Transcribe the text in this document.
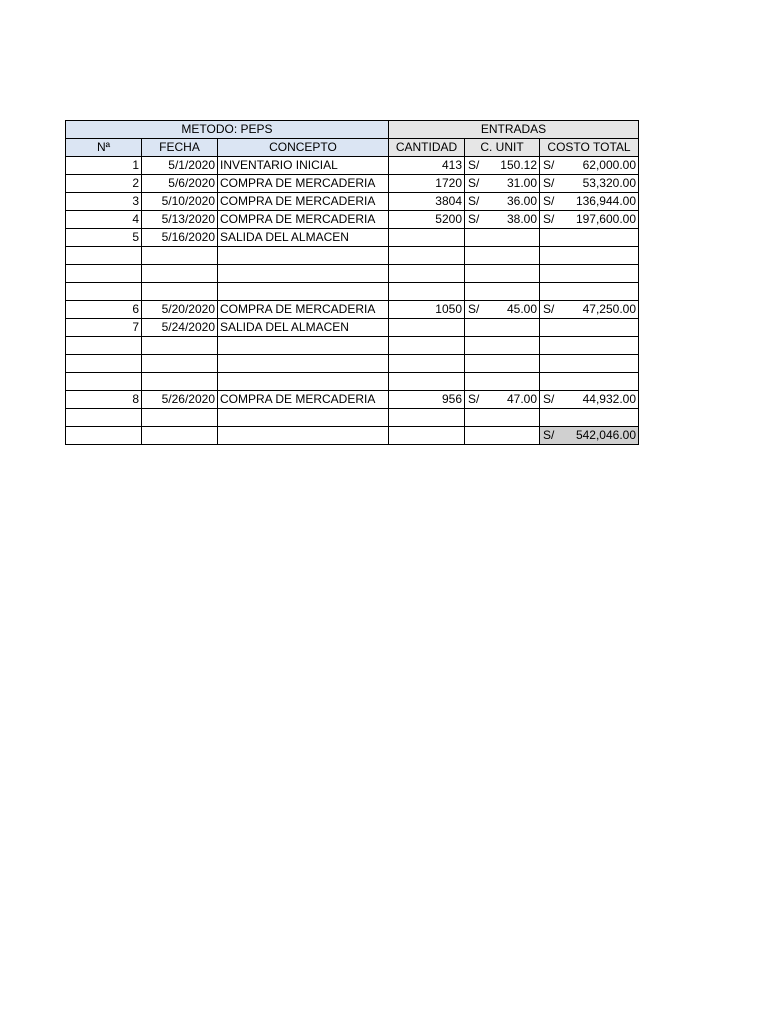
METODO: PEPS			ENTRADAS		
Nª	FECHA	CONCEPTO	CANTIDAD	C. UNIT	COSTO TOTAL
1	5/1/2020	INVENTARIO INICIAL	413	S/ 150.12	S/ 62,000.00

2	5/6/2020	COMPRA DE MERCADERIA	1720	S/ 31.00	S/ 53,320.00

3	5/10/2020	COMPRA DE MERCADERIA	3804	S/ 36.00	S/ 136,944.00

4	5/13/2020	COMPRA DE MERCADERIA	5200	S/ 38.00	S/ 197,600.00

5	5/16/2020	SALIDA DEL ALMACEN			

6	5/20/2020	COMPRA DE MERCADERIA	1050	S/ 45.00	S/ 47,250.00

7	5/24/2020	SALIDA DEL ALMACEN			

8	5/26/2020	COMPRA DE MERCADERIA	956	S/ 47.00	S/ 44,932.00

					S/ 542,046.00
